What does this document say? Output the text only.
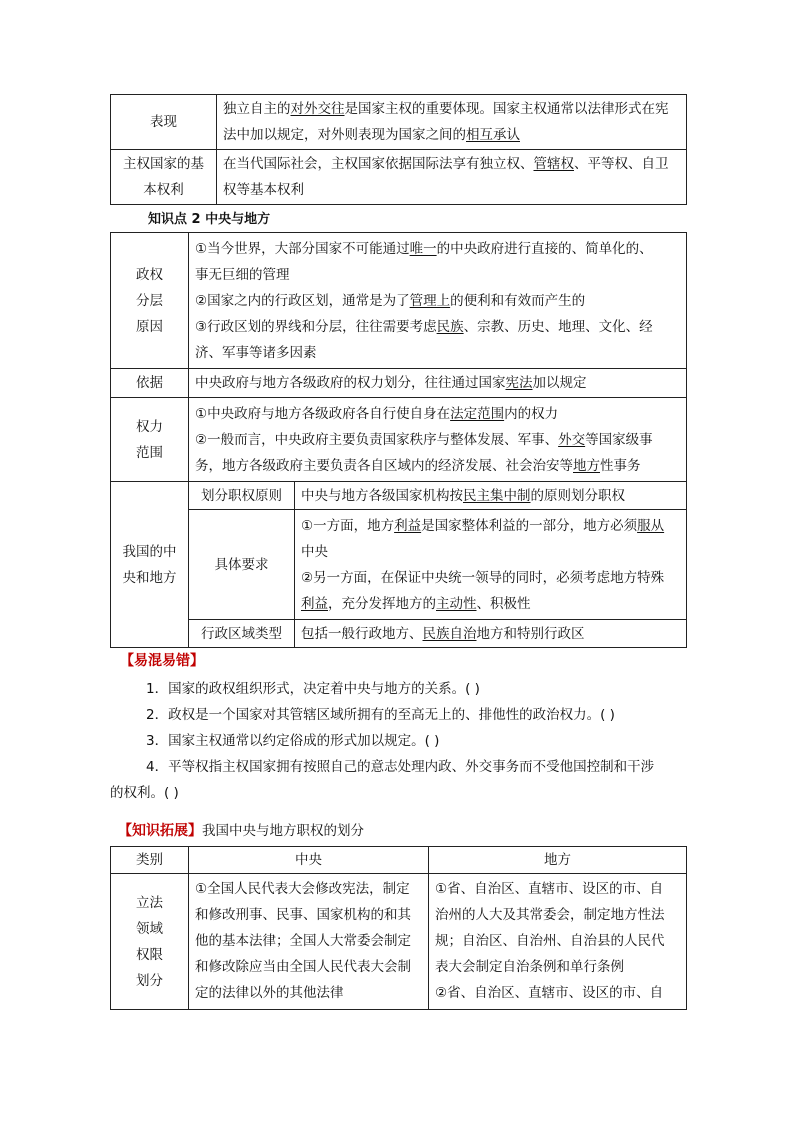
表现	独立自主的对外交往是国家主权的重要体现。国家主权通常以法律形式在宪
法中加以规定，对外则表现为国家之间的相互承认

主权国家的基
本权利	在当代国际社会，主权国家依据国际法享有独立权、管辖权、平等权、自卫
权等基本权利
知识点 2 中央与地方
政权
分层
原因	①当今世界，大部分国家不可能通过唯一的中央政府进行直接的、简单化的、
事无巨细的管理
②国家之内的行政区划，通常是为了管理上的便利和有效而产生的
③行政区划的界线和分层，往往需要考虑民族、宗教、历史、地理、文化、经
济、军事等诸多因素	

依据	中央政府与地方各级政府的权力划分，往往通过国家宪法加以规定	

权力
范围	①中央政府与地方各级政府各自行使自身在法定范围内的权力
②一般而言，中央政府主要负责国家秩序与整体发展、军事、外交等国家级事
务，地方各级政府主要负责各自区域内的经济发展、社会治安等地方性事务	

我国的中
央和地方	划分职权原则	中央与地方各级国家机构按民主集中制的原则划分职权
	具体要求	①一方面，地方利益是国家整体利益的一部分，地方必须服从
中央
②另一方面，在保证中央统一领导的同时，必须考虑地方特殊
利益，充分发挥地方的主动性、积极性

	行政区域类型	包括一般行政地方、民族自治地方和特别行政区
【易混易错】
1．国家的政权组织形式，决定着中央与地方的关系。( )
2．政权是一个国家对其管辖区域所拥有的至高无上的、排他性的政治权力。( )
3．国家主权通常以约定俗成的形式加以规定。( )
4．平等权指主权国家拥有按照自己的意志处理内政、外交事务而不受他国控制和干涉
的权利。( )
【知识拓展】我国中央与地方职权的划分
类别	中央	地方

立法
领域
权限
划分	①全国人民代表大会修改宪法，制定
和修改刑事、民事、国家机构的和其
他的基本法律；全国人大常委会制定
和修改除应当由全国人民代表大会制
定的法律以外的其他法律	①省、自治区、直辖市、设区的市、自
治州的人大及其常委会，制定地方性法
规；自治区、自治州、自治县的人民代
表大会制定自治条例和单行条例
②省、自治区、直辖市、设区的市、自
